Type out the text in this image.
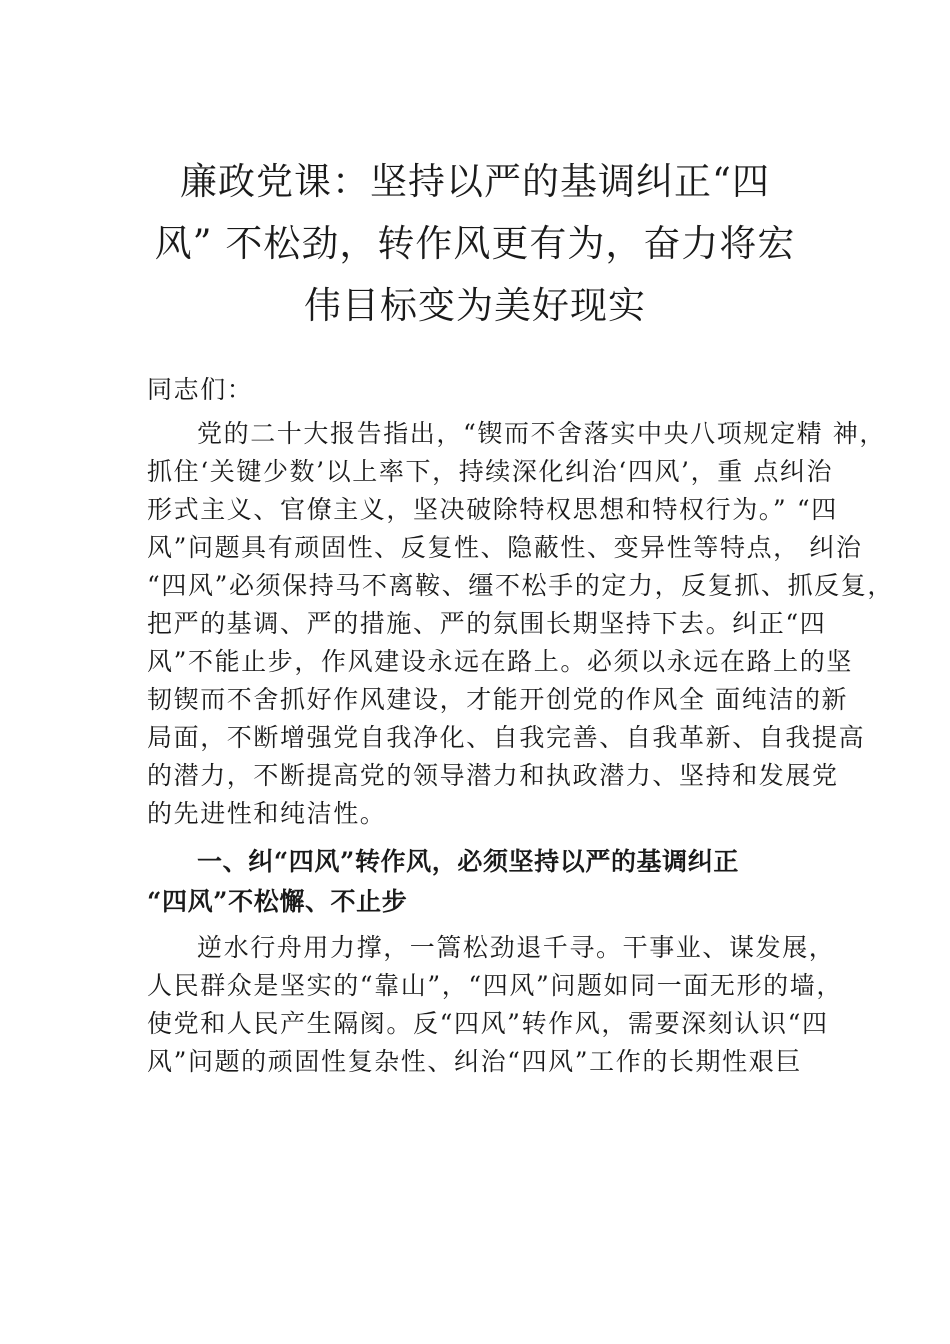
廉政党课：坚持以严的基调纠正“四
风” 不松劲，转作风更有为，奋力将宏
伟目标变为美好现实
同志们：
党的二十大报告指出，“锲而不舍落实中央八项规定精 神，
抓住‘关键少数’以上率下，持续深化纠治‘四风’，重 点纠治
形式主义、官僚主义，坚决破除特权思想和特权行为。” “四
风”问题具有顽固性、反复性、隐蔽性、变异性等特点， 纠治
“四风”必须保持马不离鞍、缰不松手的定力，反复抓、抓反复，
把严的基调、严的措施、严的氛围长期坚持下去。纠正“四
风”不能止步，作风建设永远在路上。必须以永远在路上的坚
韧锲而不舍抓好作风建设，才能开创党的作风全 面纯洁的新
局面，不断增强党自我净化、自我完善、自我革新、自我提高
的潜力，不断提高党的领导潜力和执政潜力、坚持和发展党
的先进性和纯洁性。
一、纠“四风”转作风，必须坚持以严的基调纠正
“四风”不松懈、不止步
逆水行舟用力撑，一篙松劲退千寻。干事业、谋发展，
人民群众是坚实的“靠山”，“四风”问题如同一面无形的墙，
使党和人民产生隔阂。反“四风”转作风，需要深刻认识“四
风”问题的顽固性复杂性、纠治“四风”工作的长期性艰巨
